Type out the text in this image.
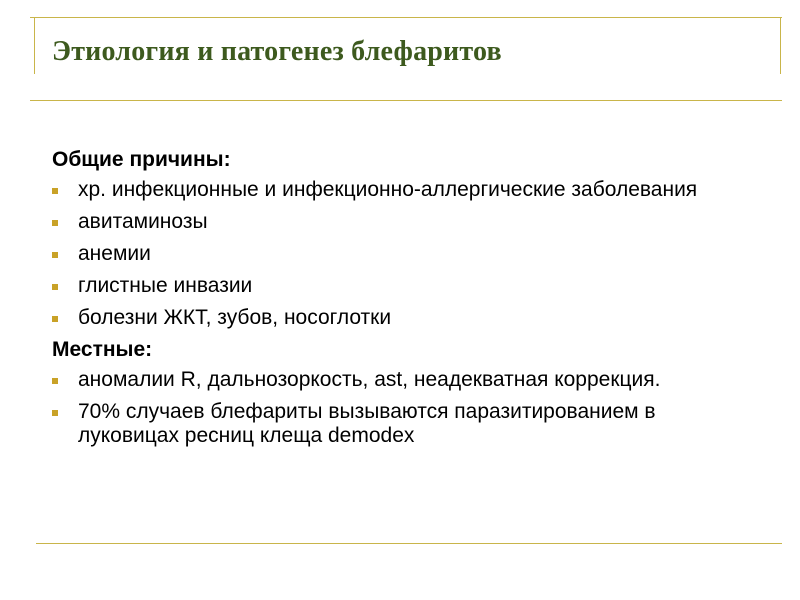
Этиология и патогенез блефаритов
Общие причины:
хр. инфекционные и инфекционно-аллергические заболевания
авитаминозы
анемии
глистные инвазии
болезни ЖКТ, зубов, носоглотки
Местные:
аномалии R, дальнозоркость, ast, неадекватная коррекция.
70% случаев блефариты вызываются паразитированием в луковицах ресниц клеща demodex
